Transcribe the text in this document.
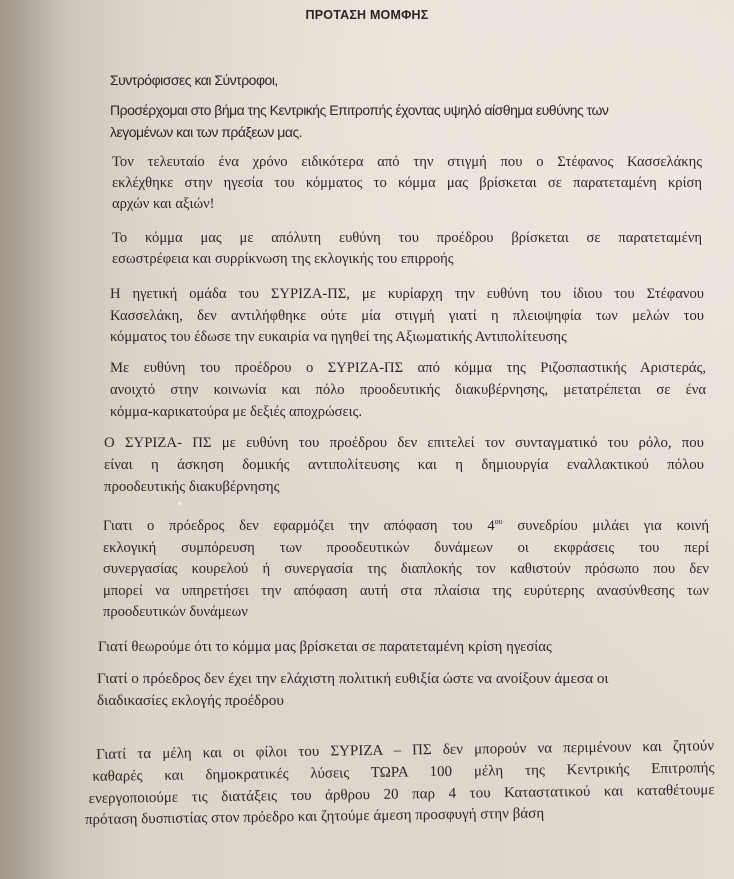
ΠΡΟΤΑΣΗ ΜΟΜΦΗΣ
Συντρόφισσες και Σύντροφοι,
Προσέρχομαι στο βήμα της Κεντρικής Επιτροπής έχοντας υψηλό αίσθημα ευθύνης των
λεγομένων και των πράξεων μας.
Τον τελευταίο ένα χρόνο ειδικότερα από την στιγμή που ο Στέφανος Κασσελάκης
εκλέχθηκε στην ηγεσία του κόμματος το κόμμα μας βρίσκεται σε παρατεταμένη κρίση
αρχών και αξιών!
Το κόμμα μας με απόλυτη ευθύνη του προέδρου βρίσκεται σε παρατεταμένη
εσωστρέφεια και συρρίκνωση της εκλογικής του επιρροής
Η ηγετική ομάδα του ΣΥΡΙΖΑ-ΠΣ, με κυρίαρχη την ευθύνη του ίδιου του Στέφανου
Κασσελάκη, δεν αντιλήφθηκε ούτε μία στιγμή γιατί η πλειοψηφία των μελών του
κόμματος του έδωσε την ευκαιρία να ηγηθεί της Αξιωματικής Αντιπολίτευσης
Με ευθύνη του προέδρου ο ΣΥΡΙΖΑ-ΠΣ από κόμμα της Ριζοσπαστικής Αριστεράς,
ανοιχτό στην κοινωνία και πόλο προοδευτικής διακυβέρνησης, μετατρέπεται σε ένα
κόμμα-καρικατούρα με δεξιές αποχρώσεις.
Ο ΣΥΡΙΖΑ- ΠΣ με ευθύνη του προέδρου δεν επιτελεί τον συνταγματικό του ρόλο, που
είναι η άσκηση δομικής αντιπολίτευσης και η δημιουργία εναλλακτικού πόλου
προοδευτικής διακυβέρνησης
Γιατι ο πρόεδρος δεν εφαρμόζει την απόφαση του $4^{o\upsilon}$ συνεδρίου μιλάει για κοινή
εκλογική συμπόρευση των προοδευτικών δυνάμεων οι εκφράσεις του περί
συνεργασίας κουρελού ή συνεργασία της διαπλοκής τον καθιστούν πρόσωπο που δεν
μπορεί να υπηρετήσει την απόφαση αυτή στα πλαίσια της ευρύτερης ανασύνθεσης των
προοδευτικών δυνάμεων
Γιατί θεωρούμε ότι το κόμμα μας βρίσκεται σε παρατεταμένη κρίση ηγεσίας
Γιατί ο πρόεδρος δεν έχει την ελάχιστη πολιτική ευθιξία ώστε να ανοίξουν άμεσα οι
διαδικασίες εκλογής προέδρου
Γιατί τα μέλη και οι φίλοι του ΣΥΡΙΖΑ – ΠΣ δεν μπορούν να περιμένουν και ζητούν
καθαρές και δημοκρατικές λύσεις ΤΩΡΑ 100 μέλη της Κεντρικής Επιτροπής
ενεργοποιούμε τις διατάξεις του άρθρου 20 παρ 4 του Καταστατικού και καταθέτουμε
πρόταση δυσπιστίας στον πρόεδρο και ζητούμε άμεση προσφυγή στην βάση
